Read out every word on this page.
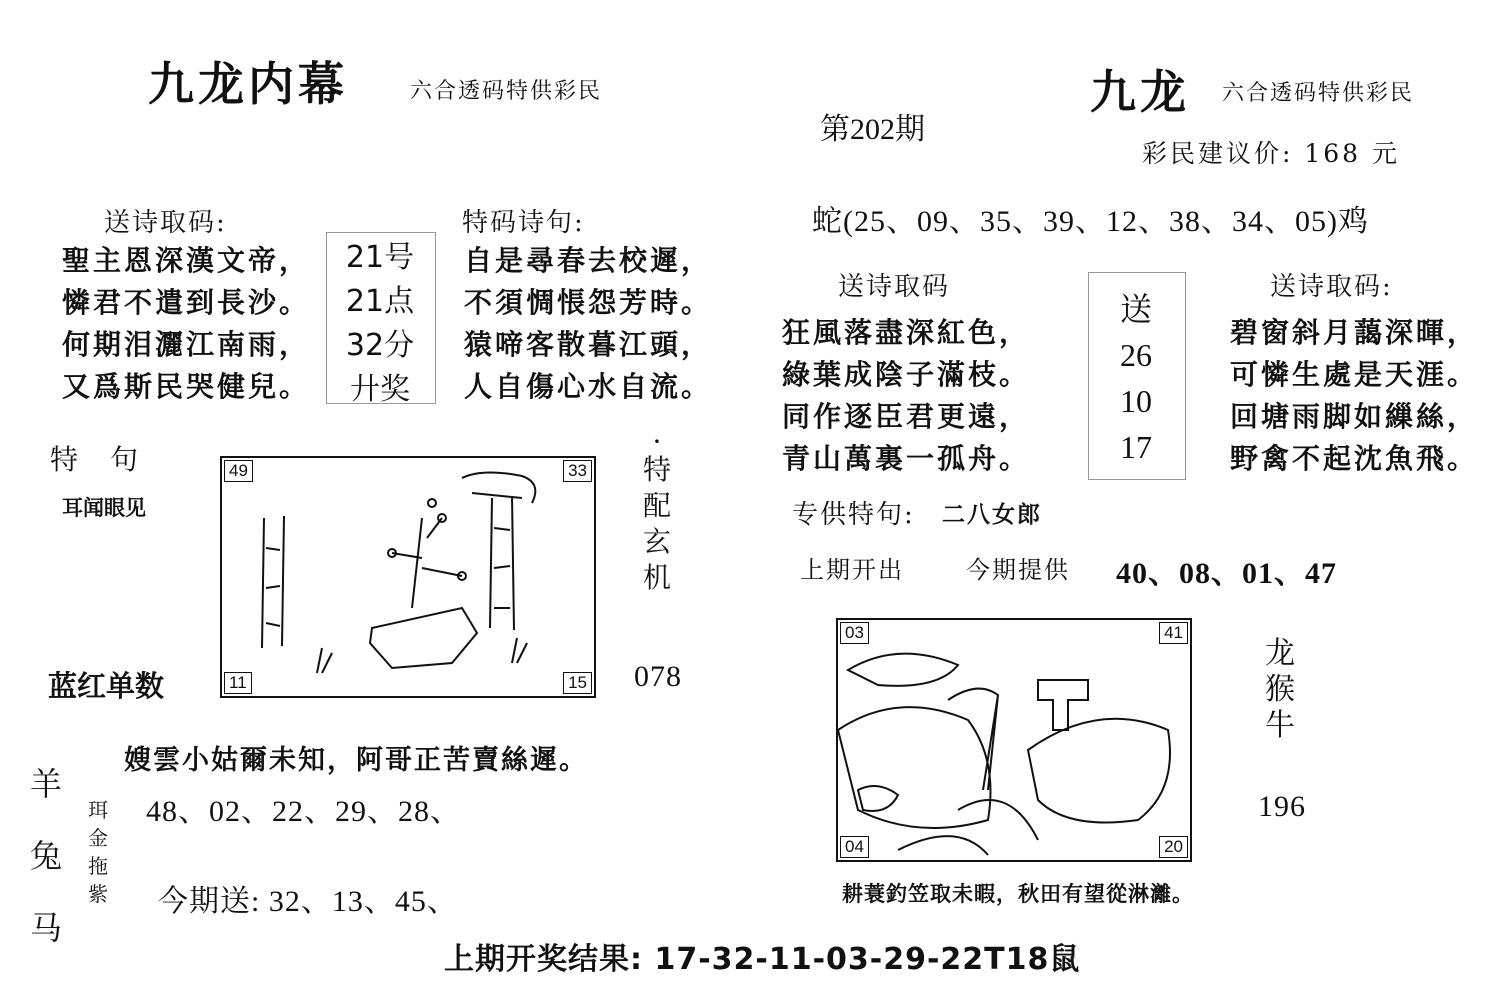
九龙内幕	六合透码特供彩民
送诗取码:
聖主恩深漢文帝，
憐君不遣到長沙。
何期泪灑江南雨，
又爲斯民哭健兒。
21号
21点
32分
廾奖
特码诗句:
自是尋春去校遲，
不須惆悵怨芳時。
猿啼客散暮江頭，
人自傷心水自流。
特　句
耳闻眼见
49	33
11	15
·
特
配
玄
机
078
蓝红单数
嫂雲小姑爾未知，阿哥正苦賣絲遲。
羊
兔
马
珥
金
拖
紫
48、02、22、29、28、
今期送: 32、13、45、
第202期
九龙 六合透码特供彩民
彩民建议价: 168 元
蛇(25、09、35、39、12、38、34、05)鸡
送诗取码
狂風落盡深紅色，
綠葉成陰子滿枝。
同作逐臣君更遠，
青山萬裏一孤舟。
送
26
10
17
送诗取码:
碧窗斜月藹深暉，
可憐生處是天涯。
回塘雨脚如繅絲，
野禽不起沈魚飛。
专供特句: 二八女郎
上期开出	今期提供 40、08、01、47
03	41
04	20
龙
猴
牛
196
耕蓑釣笠取未暇，秋田有望從淋灕。
上期开奖结果: 17-32-11-03-29-22T18鼠
